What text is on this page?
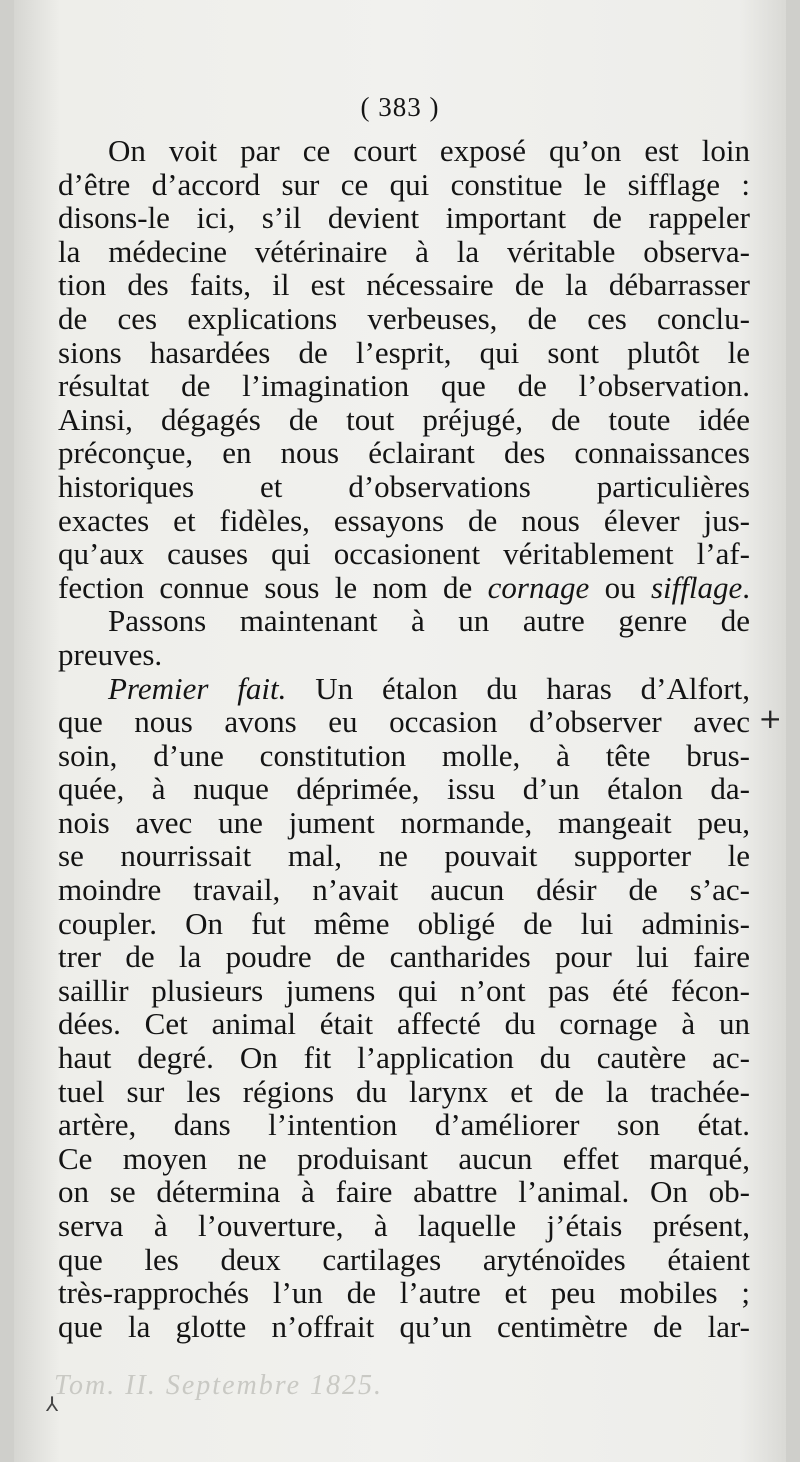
( 383 )
On voit par ce court exposé qu’on est loin
d’être d’accord sur ce qui constitue le sifflage :
disons-le ici, s’il devient important de rappeler
la médecine vétérinaire à la véritable observa-
tion des faits, il est nécessaire de la débarrasser
de ces explications verbeuses, de ces conclu-
sions hasardées de l’esprit, qui sont plutôt le
résultat de l’imagination que de l’observation.
Ainsi, dégagés de tout préjugé, de toute idée
préconçue, en nous éclairant des connaissances
historiques et d’observations particulières
exactes et fidèles, essayons de nous élever jus-
qu’aux causes qui occasionent véritablement l’af-
fection connue sous le nom de cornage ou sifflage.
Passons maintenant à un autre genre de
preuves.
Premier fait. Un étalon du haras d’Alfort,
que nous avons eu occasion d’observer avec
soin, d’une constitution molle, à tête brus-
quée, à nuque déprimée, issu d’un étalon da-
nois avec une jument normande, mangeait peu,
se nourrissait mal, ne pouvait supporter le
moindre travail, n’avait aucun désir de s’ac-
coupler. On fut même obligé de lui adminis-
trer de la poudre de cantharides pour lui faire
saillir plusieurs jumens qui n’ont pas été fécon-
dées. Cet animal était affecté du cornage à un
haut degré. On fit l’application du cautère ac-
tuel sur les régions du larynx et de la trachée-
artère, dans l’intention d’améliorer son état.
Ce moyen ne produisant aucun effet marqué,
on se détermina à faire abattre l’animal. On ob-
serva à l’ouverture, à laquelle j’étais présent,
que les deux cartilages aryténoïdes étaient
très-rapprochés l’un de l’autre et peu mobiles ;
que la glotte n’offrait qu’un centimètre de lar-
+
Tom. II. Septembre 1825.
⅄
